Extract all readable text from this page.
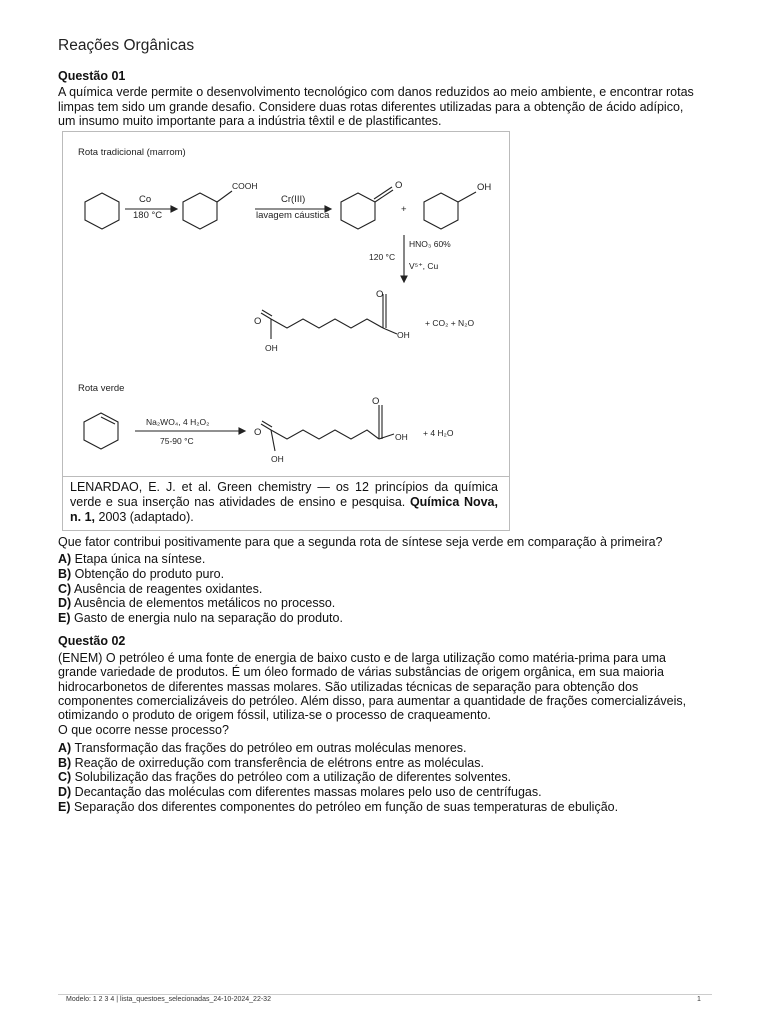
Reações Orgânicas
Questão 01
A química verde permite o desenvolvimento tecnológico com danos reduzidos ao meio ambiente, e encontrar rotas
limpas tem sido um grande desafio. Considere duas rotas diferentes utilizadas para a obtenção de ácido adípico,
um insumo muito importante para a indústria têxtil e de plastificantes.
Rota tradicional (marrom)
Co
180 °C
COOH
Cr(III)
lavagem cáustica
O
+
OH
120 °C
HNO₃ 60%
V⁵⁺, Cu
O
OH
O
OH
+ CO₂ + N₂O
Rota verde
Na₂WO₄, 4 H₂O₂
75-90 °C
O
OH
O
OH + 4 H₂O
LENARDAO, E. J. et al. Green chemistry — os 12 princípios da química verde e sua inserção nas atividades de ensino e pesquisa. Química Nova, n. 1, 2003 (adaptado).
Que fator contribui positivamente para que a segunda rota de síntese seja verde em comparação à primeira?
A) Etapa única na síntese.
B) Obtenção do produto puro.
C) Ausência de reagentes oxidantes.
D) Ausência de elementos metálicos no processo.
E) Gasto de energia nulo na separação do produto.
Questão 02
(ENEM) O petróleo é uma fonte de energia de baixo custo e de larga utilização como matéria-prima para uma
grande variedade de produtos. É um óleo formado de várias substâncias de origem orgânica, em sua maioria
hidrocarbonetos de diferentes massas molares. São utilizadas técnicas de separação para obtenção dos
componentes comercializáveis do petróleo. Além disso, para aumentar a quantidade de frações comercializáveis,
otimizando o produto de origem fóssil, utiliza-se o processo de craqueamento.
O que ocorre nesse processo?
A) Transformação das frações do petróleo em outras moléculas menores.
B) Reação de oxirredução com transferência de elétrons entre as moléculas.
C) Solubilização das frações do petróleo com a utilização de diferentes solventes.
D) Decantação das moléculas com diferentes massas molares pelo uso de centrífugas.
E) Separação dos diferentes componentes do petróleo em função de suas temperaturas de ebulição.
Modelo: 1 2 3 4 | lista_questoes_selecionadas_24-10-2024_22-32	1
